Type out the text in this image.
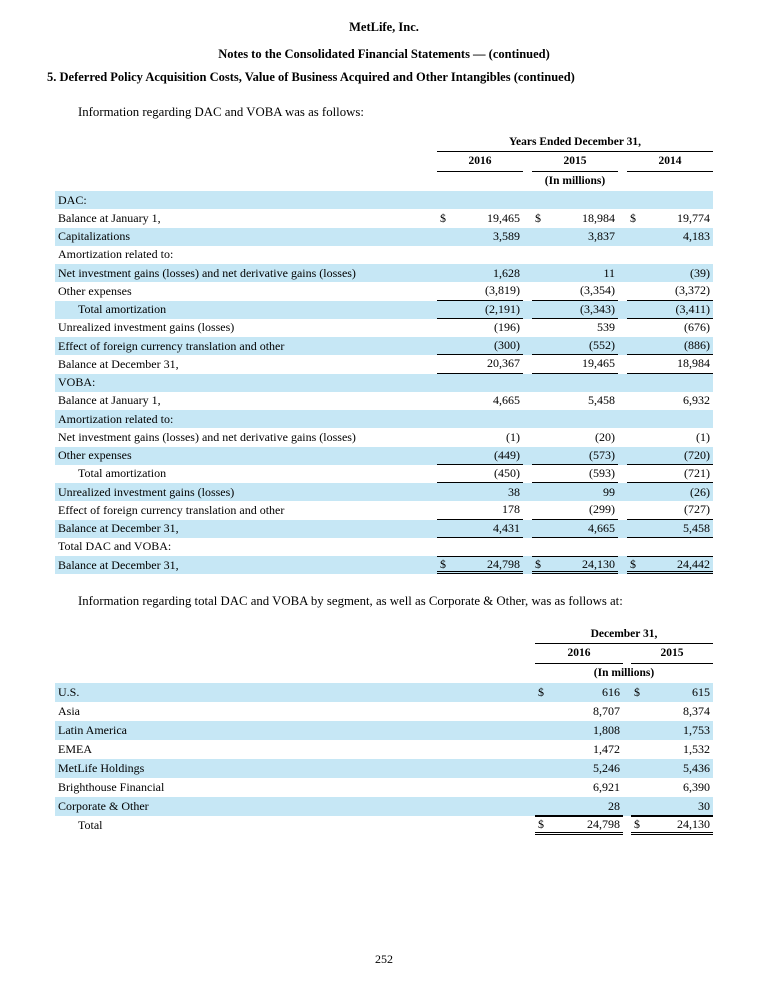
MetLife, Inc.
Notes to the Consolidated Financial Statements — (continued)
5. Deferred Policy Acquisition Costs, Value of Business Acquired and Other Intangibles (continued)
Information regarding DAC and VOBA was as follows:
Years Ended December 31,
2016	2015	2014
(In millions)
DAC:
Balance at January 1,	$	19,465 $	18,984 $	19,774
Capitalizations	3,589	3,837	4,183
Amortization related to:
Net investment gains (losses) and net derivative gains (losses)	1,628	11	(39)
Other expenses	(3,819)	(3,354)	(3,372)
Total amortization	(2,191)	(3,343)	(3,411)
Unrealized investment gains (losses)	(196)	539	(676)
Effect of foreign currency translation and other	(300)	(552)	(886)
Balance at December 31,	20,367	19,465	18,984
VOBA:
Balance at January 1,	4,665	5,458	6,932
Amortization related to:
Net investment gains (losses) and net derivative gains (losses)	(1)	(20)	(1)
Other expenses	(449)	(573)	(720)
Total amortization	(450)	(593)	(721)
Unrealized investment gains (losses)	38	99	(26)
Effect of foreign currency translation and other	178	(299)	(727)
Balance at December 31,	4,431	4,665	5,458
Total DAC and VOBA:
Balance at December 31,	$	24,798 $	24,130 $	24,442
Information regarding total DAC and VOBA by segment, as well as Corporate & Other, was as follows at:
December 31,
2016	2015
(In millions)
U.S.	$	616 $	615
Asia	8,707	8,374
Latin America	1,808	1,753
EMEA	1,472	1,532
MetLife Holdings	5,246	5,436
Brighthouse Financial	6,921	6,390
Corporate & Other	28	30
Total	$	24,798 $	24,130
252
